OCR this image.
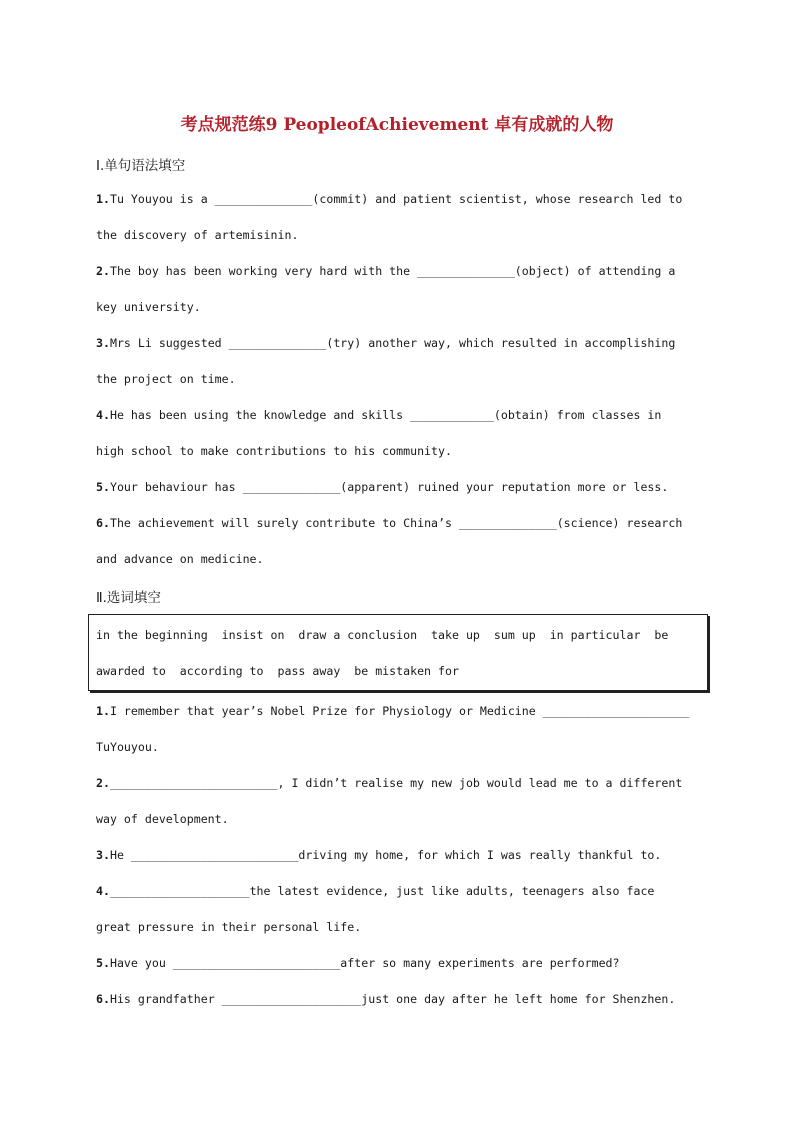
考点规范练9 PeopleofAchievement 卓有成就的人物
Ⅰ.单句语法填空
1.Tu Youyou is a ______________(commit) and patient scientist, whose research led to
the discovery of artemisinin.
2.The boy has been working very hard with the ______________(object) of attending a
key university.
3.Mrs Li suggested ______________(try) another way, which resulted in accomplishing
the project on time.
4.He has been using the knowledge and skills ____________(obtain) from classes in
high school to make contributions to his community.
5.Your behaviour has ______________(apparent) ruined your reputation more or less.
6.The achievement will surely contribute to China’s ______________(science) research
and advance on medicine.
Ⅱ.选词填空
in the beginning  insist on  draw a conclusion  take up  sum up  in particular  be
awarded to  according to  pass away  be mistaken for
1.I remember that year’s Nobel Prize for Physiology or Medicine _____________________
TuYouyou.
2.________________________, I didn’t realise my new job would lead me to a different
way of development.
3.He ________________________driving my home, for which I was really thankful to.
4.____________________the latest evidence, just like adults, teenagers also face
great pressure in their personal life.
5.Have you ________________________after so many experiments are performed?
6.His grandfather ____________________just one day after he left home for Shenzhen.
